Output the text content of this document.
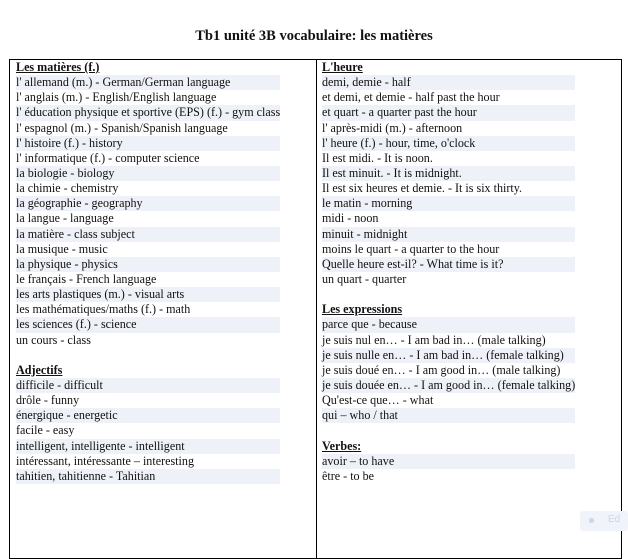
Tb1 unité 3B vocabulaire: les matières
Les matières (f.)
l' allemand (m.) - German/German language
l' anglais (m.) - English/English language
l' éducation physique et sportive (EPS) (f.) - gym class
l' espagnol (m.) - Spanish/Spanish language
l' histoire (f.) - history
l' informatique (f.) - computer science
la biologie - biology
la chimie - chemistry
la géographie - geography
la langue - language
la matière - class subject
la musique - music
la physique - physics
le français - French language
les arts plastiques (m.) - visual arts
les mathématiques/maths (f.) - math
les sciences (f.) - science
un cours - class
Adjectifs
difficile - difficult
drôle - funny
énergique - energetic
facile - easy
intelligent, intelligente - intelligent
intéressant, intéressante – interesting
tahitien, tahitienne - Tahitian
L'heure
demi, demie - half
et demi, et demie - half past the hour
et quart - a quarter past the hour
l' après-midi (m.) - afternoon
l' heure (f.) - hour, time, o'clock
Il est midi. - It is noon.
Il est minuit. - It is midnight.
Il est six heures et demie. - It is six thirty.
le matin - morning
midi - noon
minuit - midnight
moins le quart - a quarter to the hour
Quelle heure est-il? - What time is it?
un quart - quarter
Les expressions
parce que - because
je suis nul en… - I am bad in… (male talking)
je suis nulle en… - I am bad in… (female talking)
je suis doué en… - I am good in… (male talking)
je suis douée en… - I am good in… (female talking)
Qu'est-ce que… - what
qui – who / that
Verbes:
avoir – to have
être - to be
Ed
